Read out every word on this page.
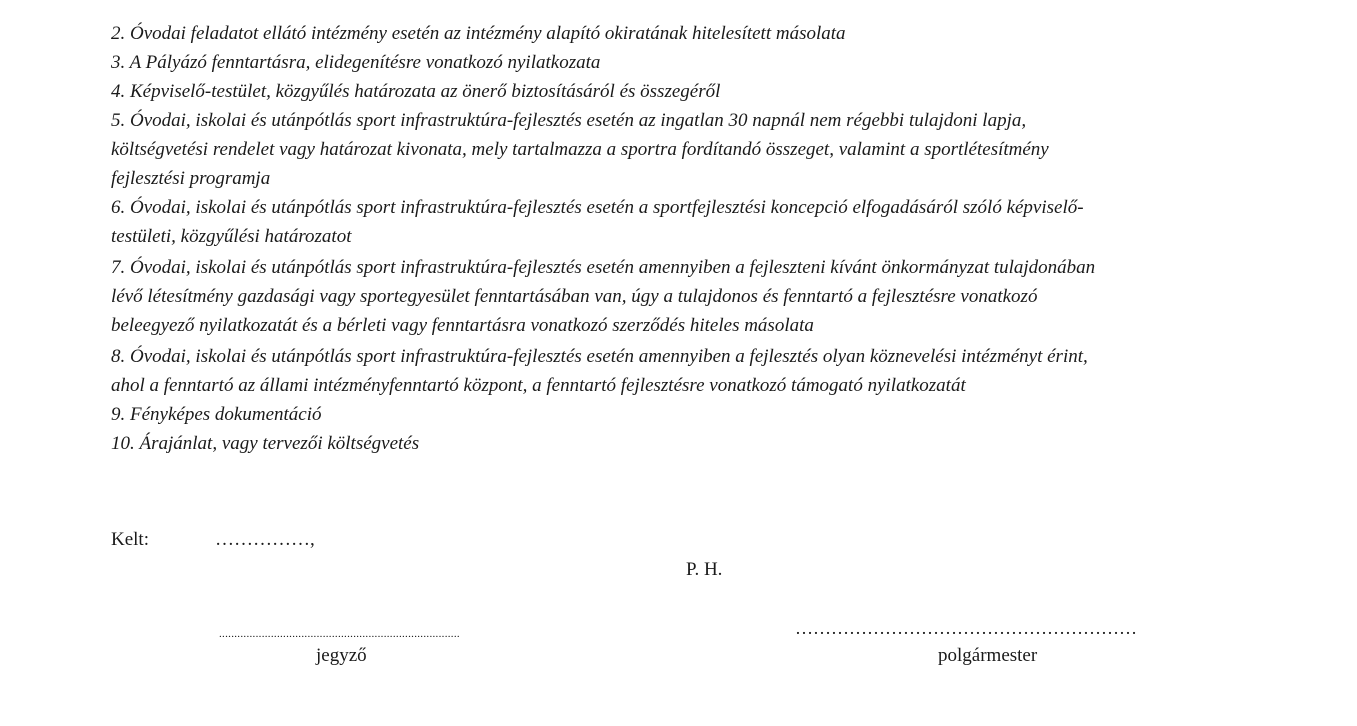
2. Óvodai feladatot ellátó intézmény esetén az intézmény alapító okiratának hitelesített másolata

3. A Pályázó fenntartásra, elidegenítésre vonatkozó nyilatkozata

4. Képviselő-testület, közgyűlés határozata az önerő biztosításáról és összegéről

5. Óvodai, iskolai és utánpótlás sport infrastruktúra-fejlesztés esetén az ingatlan 30 napnál nem régebbi tulajdoni lapja,

költségvetési rendelet vagy határozat kivonata, mely tartalmazza a sportra fordítandó összeget, valamint a sportlétesítmény

fejlesztési programja

6. Óvodai, iskolai és utánpótlás sport infrastruktúra-fejlesztés esetén a sportfejlesztési koncepció elfogadásáról szóló képviselő-

testületi, közgyűlési határozatot

7. Óvodai, iskolai és utánpótlás sport infrastruktúra-fejlesztés esetén amennyiben a fejleszteni kívánt önkormányzat tulajdonában

lévő létesítmény gazdasági vagy sportegyesület fenntartásában van, úgy a tulajdonos és fenntartó a fejlesztésre vonatkozó

beleegyező nyilatkozatát és a bérleti vagy fenntartásra vonatkozó szerződés hiteles másolata

8. Óvodai, iskolai és utánpótlás sport infrastruktúra-fejlesztés esetén amennyiben a fejlesztés olyan köznevelési intézményt érint,

ahol a fenntartó az állami intézményfenntartó központ, a fenntartó fejlesztésre vonatkozó támogató nyilatkozatát

9. Fényképes dokumentáció

10. Árajánlat, vagy tervezői költségvetés

Kelt:	……………,
P. H.
...............................................................................	…………………………………………………
jegyző	polgármester
